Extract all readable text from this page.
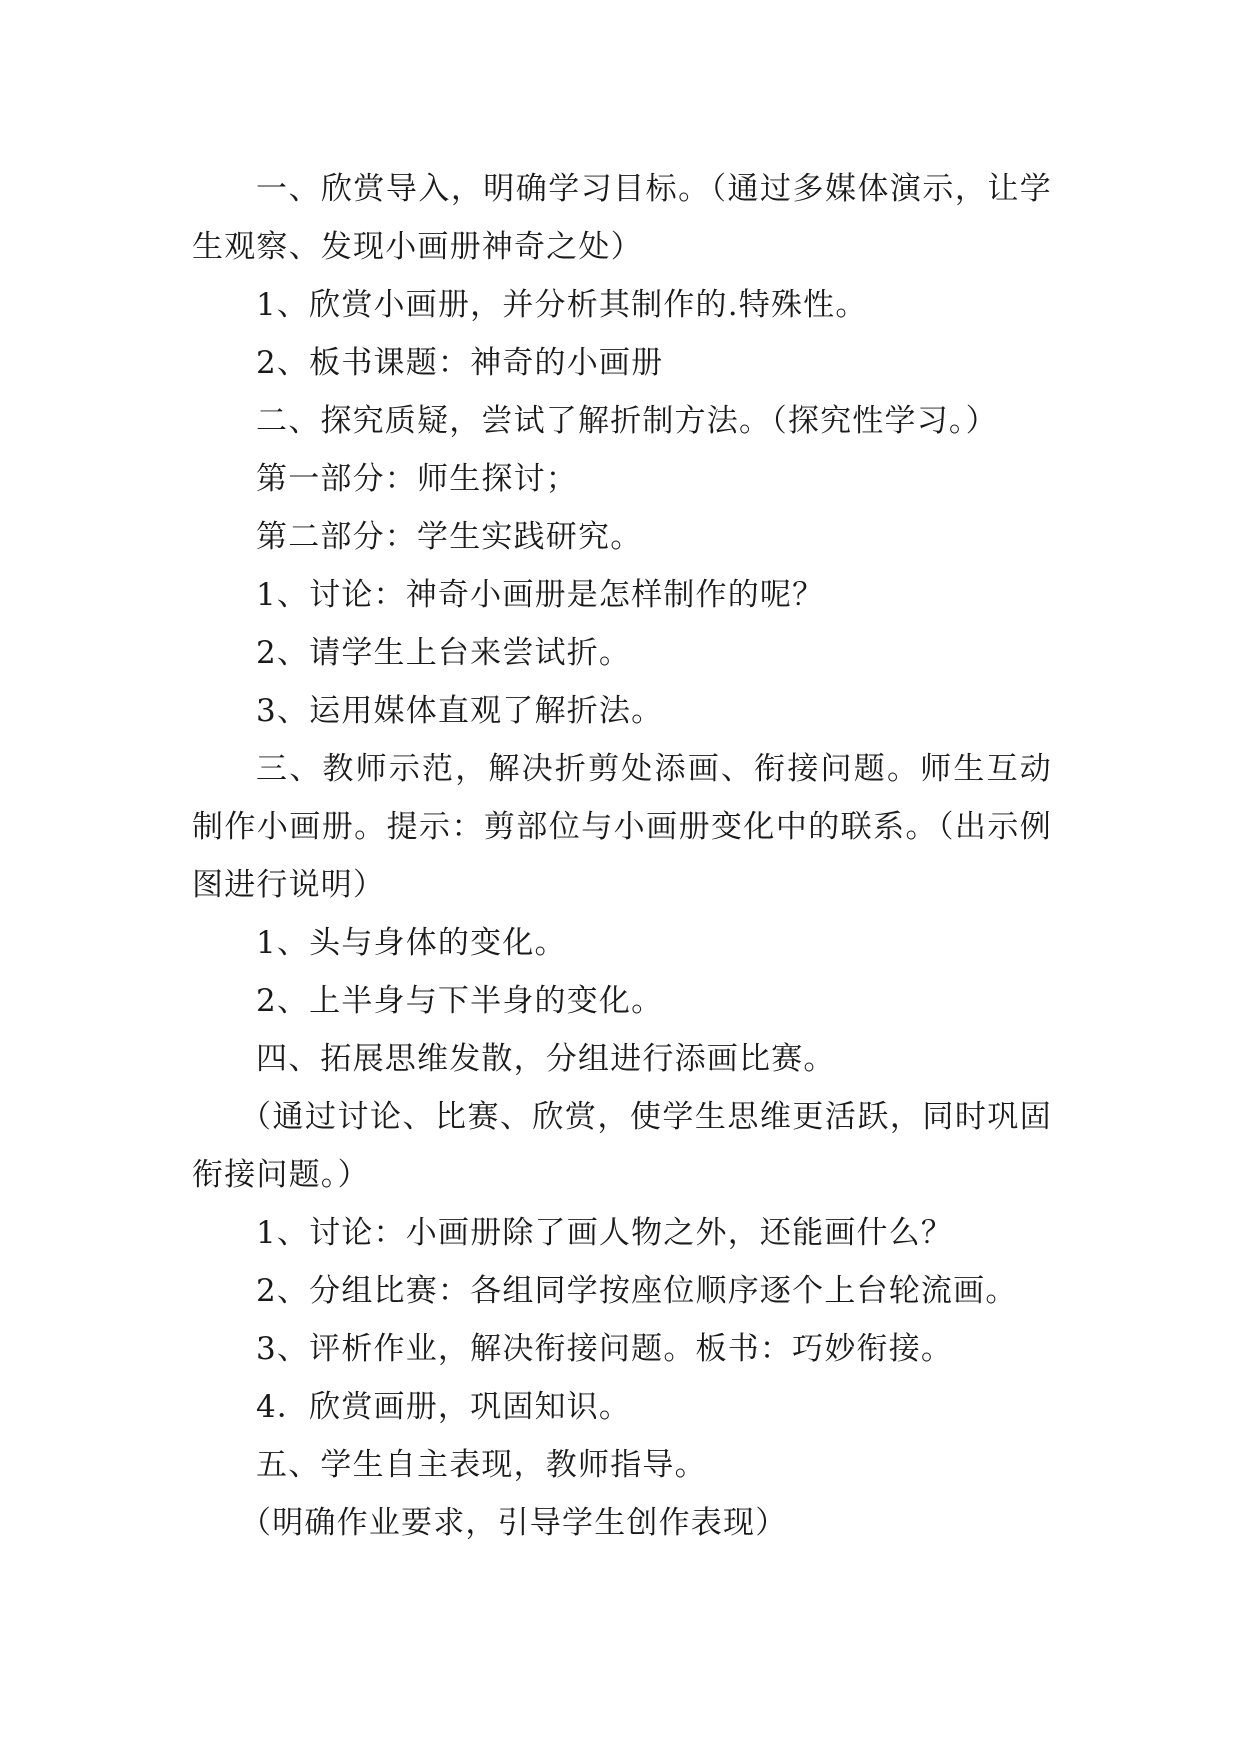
一、欣赏导入，明确学习目标。（通过多媒体演示，让学生观察、发现小画册神奇之处）

1、欣赏小画册，并分析其制作的.特殊性。

2、板书课题：神奇的小画册

二、探究质疑，尝试了解折制方法。（探究性学习。）

第一部分：师生探讨；

第二部分：学生实践研究。

1、讨论：神奇小画册是怎样制作的呢？

2、请学生上台来尝试折。

3、运用媒体直观了解折法。

三、教师示范，解决折剪处添画、衔接问题。师生互动制作小画册。提示：剪部位与小画册变化中的联系。（出示例图进行说明）

1、头与身体的变化。

2、上半身与下半身的变化。

四、拓展思维发散，分组进行添画比赛。

（通过讨论、比赛、欣赏，使学生思维更活跃，同时巩固衔接问题。）

1、讨论：小画册除了画人物之外，还能画什么？

2、分组比赛：各组同学按座位顺序逐个上台轮流画。

3、评析作业，解决衔接问题。板书：巧妙衔接。

4．欣赏画册，巩固知识。

五、学生自主表现，教师指导。

（明确作业要求，引导学生创作表现）
